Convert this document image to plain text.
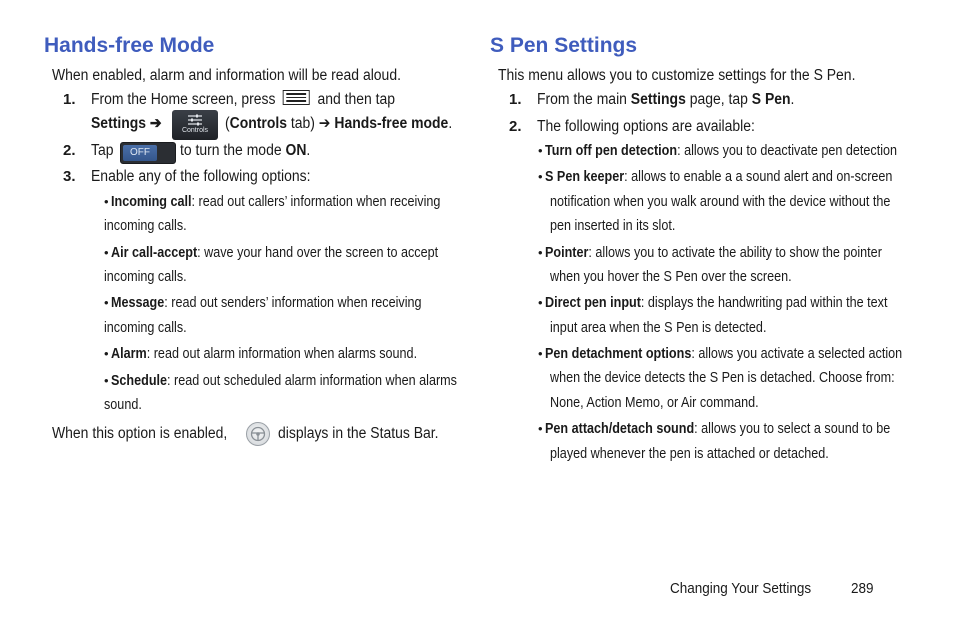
Hands-free Mode
When enabled, alarm and information will be read aloud.
1. From the Home screen, press	and then tap
Settings ➔	Controls	(Controls tab) ➔ Hands-free mode.
2. Tap	OFF	to turn the mode ON.
3. Enable any of the following options:
• Incoming call: read out callers’ information when receiving
incoming calls.
• Air call-accept: wave your hand over the screen to accept
incoming calls.
• Message: read out senders’ information when receiving
incoming calls.
• Alarm: read out alarm information when alarms sound.
• Schedule: read out scheduled alarm information when alarms
sound.
When this option is enabled,	displays in the Status Bar.
S Pen Settings
This menu allows you to customize settings for the S Pen.
1. From the main Settings page, tap S Pen.
2. The following options are available:
• Turn off pen detection: allows you to deactivate pen detection
• S Pen keeper: allows to enable a a sound alert and on-screen
notification when you walk around with the device without the
pen inserted in its slot.
• Pointer: allows you to activate the ability to show the pointer
when you hover the S Pen over the screen.
• Direct pen input: displays the handwriting pad within the text
input area when the S Pen is detected.
• Pen detachment options: allows you activate a selected action
when the device detects the S Pen is detached. Choose from:
None, Action Memo, or Air command.
• Pen attach/detach sound: allows you to select a sound to be
played whenever the pen is attached or detached.
Changing Your Settings	289
